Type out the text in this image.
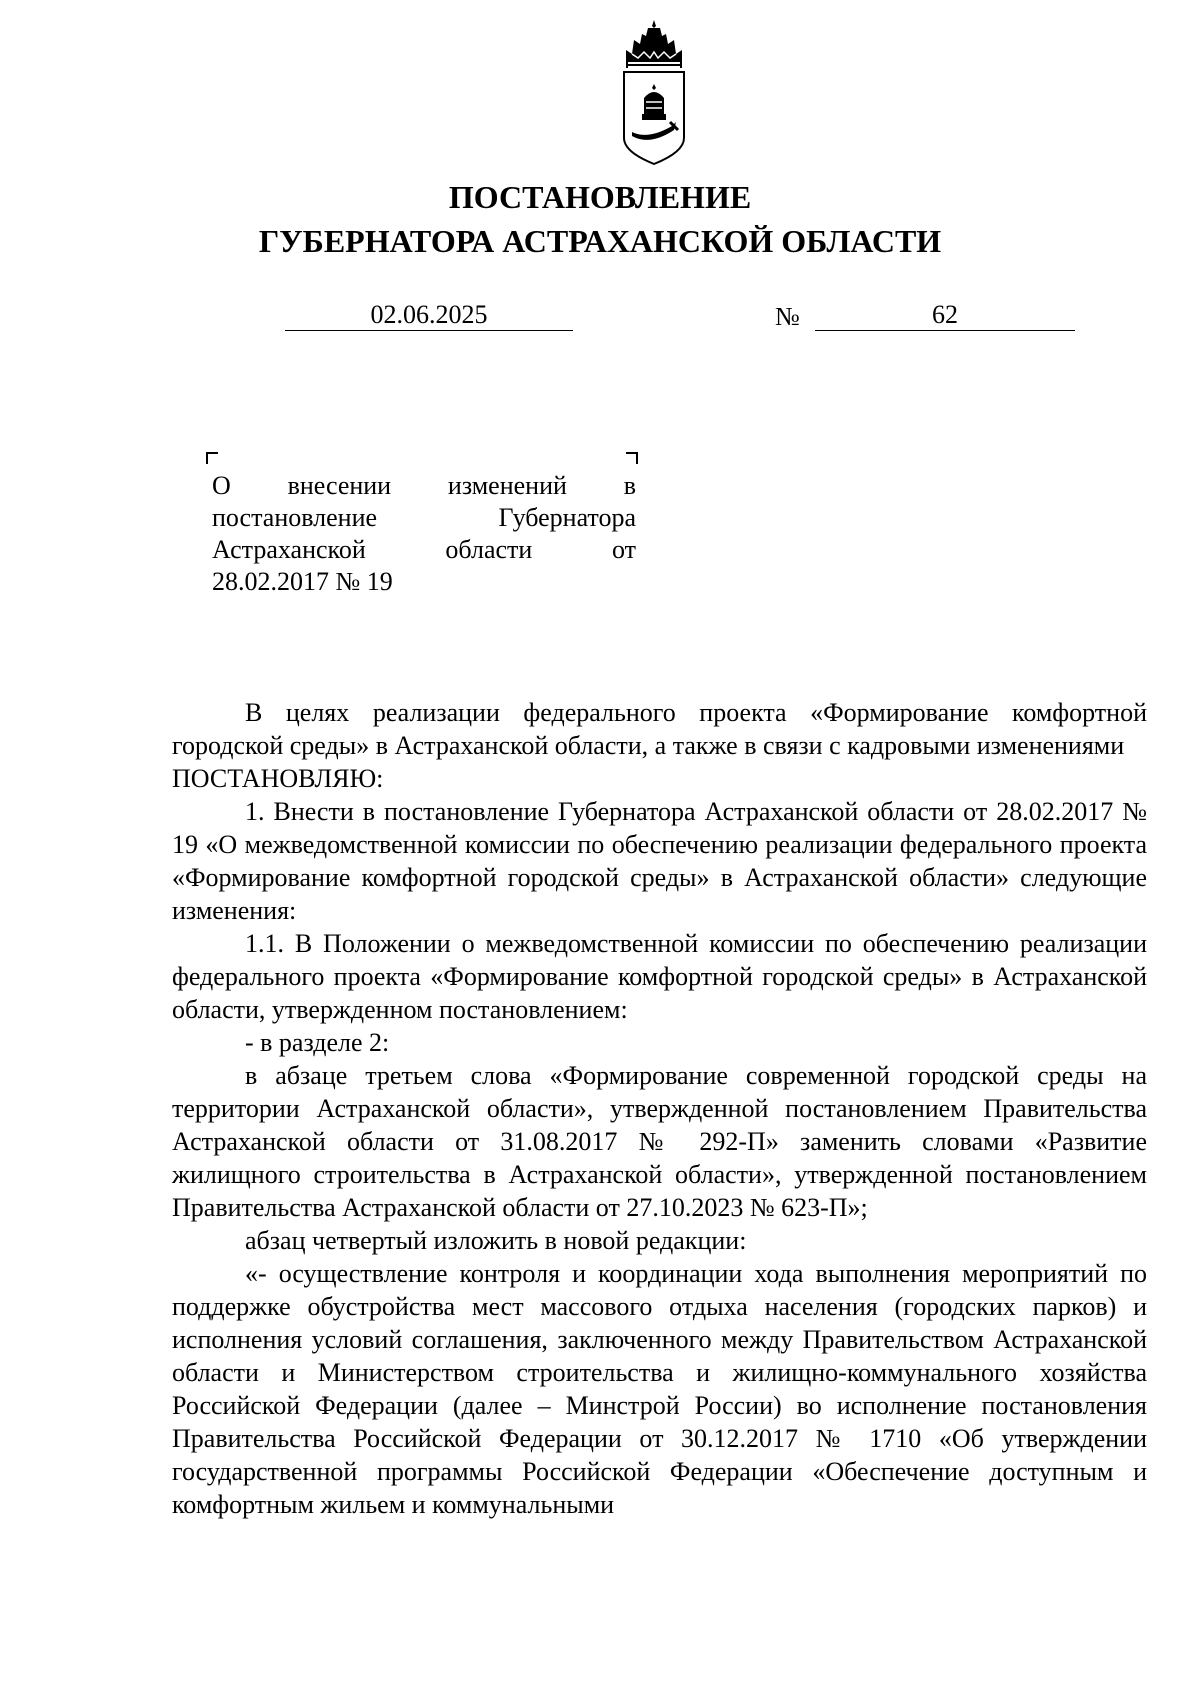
ПОСТАНОВЛЕНИЕ
ГУБЕРНАТОРА АСТРАХАНСКОЙ ОБЛАСТИ
02.06.2025	№	62
О внесении изменений в
постановление	Губернатора
Астраханской	области	от
28.02.2017 № 19

В целях реализации федерального проекта «Формирование комфортной городской среды» в Астраханской области, а также в связи с кадровыми изменениями

ПОСТАНОВЛЯЮ:

1. Внести в постановление Губернатора Астраханской области от 28.02.2017 № 19 «О межведомственной комиссии по обеспечению реализации федерального проекта «Формирование комфортной городской среды» в Астраханской области» следующие изменения:

1.1. В Положении о межведомственной комиссии по обеспечению реализации федерального проекта «Формирование комфортной городской среды» в Астраханской области, утвержденном постановлением:

- в разделе 2:

в абзаце третьем слова «Формирование современной городской среды на территории Астраханской области», утвержденной постановлением Правительства Астраханской области от 31.08.2017 № 292-П» заменить словами «Развитие жилищного строительства в Астраханской области», утвержденной постановлением Правительства Астраханской области от 27.10.2023 № 623-П»;

абзац четвертый изложить в новой редакции:

«- осуществление контроля и координации хода выполнения мероприятий по поддержке обустройства мест массового отдыха населения (городских парков) и исполнения условий соглашения, заключенного между Правительством Астраханской области и Министерством строительства и жилищно-коммунального хозяйства Российской Федерации (далее – Минстрой России) во исполнение постановления Правительства Российской Федерации от 30.12.2017 № 1710 «Об утверждении государственной программы Российской Федерации «Обеспечение доступным и комфортным жильем и коммунальными
